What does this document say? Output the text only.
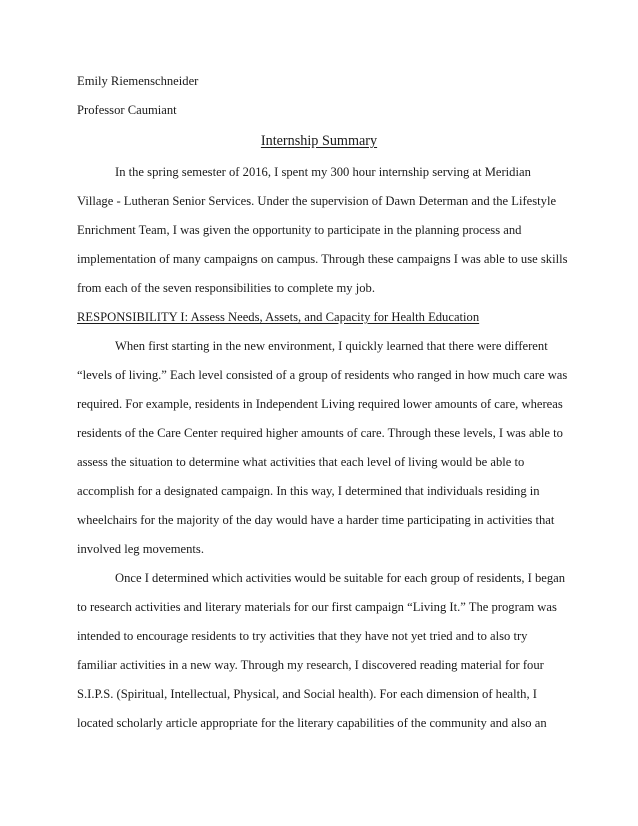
Emily Riemenschneider

Professor Caumiant

Internship Summary

In the spring semester of 2016, I spent my 300 hour internship serving at Meridian

Village - Lutheran Senior Services. Under the supervision of Dawn Determan and the Lifestyle

Enrichment Team, I was given the opportunity to participate in the planning process and

implementation of many campaigns on campus. Through these campaigns I was able to use skills

from each of the seven responsibilities to complete my job.

RESPONSIBILITY I: Assess Needs, Assets, and Capacity for Health Education

When first starting in the new environment, I quickly learned that there were different

“levels of living.” Each level consisted of a group of residents who ranged in how much care was

required. For example, residents in Independent Living required lower amounts of care, whereas

residents of the Care Center required higher amounts of care. Through these levels, I was able to

assess the situation to determine what activities that each level of living would be able to

accomplish for a designated campaign. In this way, I determined that individuals residing in

wheelchairs for the majority of the day would have a harder time participating in activities that

involved leg movements.

Once I determined which activities would be suitable for each group of residents, I began

to research activities and literary materials for our first campaign “Living It.” The program was

intended to encourage residents to try activities that they have not yet tried and to also try

familiar activities in a new way. Through my research, I discovered reading material for four

S.I.P.S. (Spiritual, Intellectual, Physical, and Social health). For each dimension of health, I

located scholarly article appropriate for the literary capabilities of the community and also an
